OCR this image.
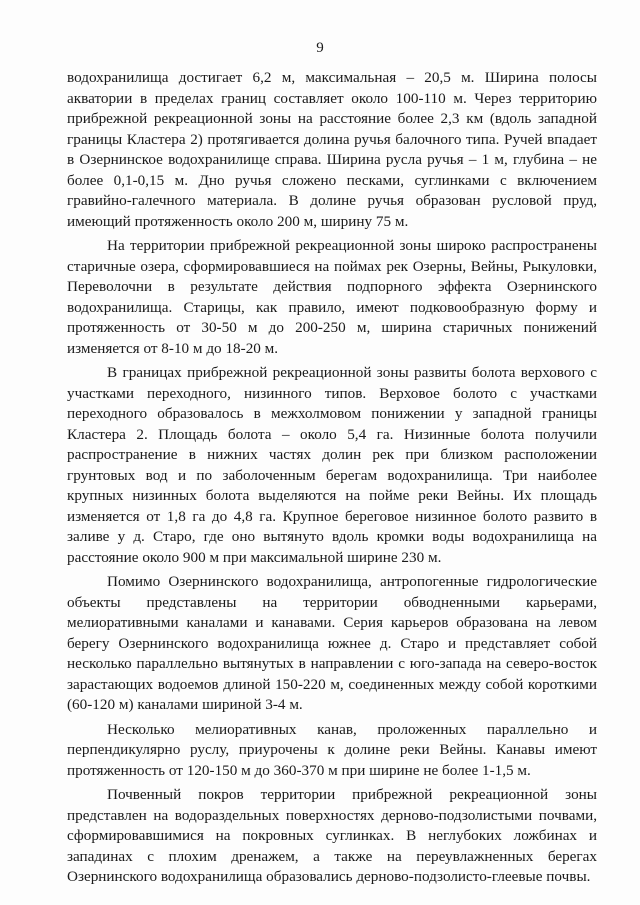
9

водохранилища достигает 6,2 м, максимальная – 20,5 м. Ширина полосы акватории в пределах границ составляет около 100-110 м. Через территорию прибрежной рекреационной зоны на расстояние более 2,3 км (вдоль западной границы Кластера 2) протягивается долина ручья балочного типа. Ручей впадает в Озернинское водохранилище справа. Ширина русла ручья – 1 м, глубина – не более 0,1-0,15 м. Дно ручья сложено песками, суглинками с включением гравийно-галечного материала. В долине ручья образован русловой пруд, имеющий протяженность около 200 м, ширину 75 м.

На территории прибрежной рекреационной зоны широко распространены старичные озера, сформировавшиеся на поймах рек Озерны, Вейны, Рыкуловки, Переволочни в результате действия подпорного эффекта Озернинского водохранилища. Старицы, как правило, имеют подковообразную форму и протяженность от 30-50 м до 200-250 м, ширина старичных понижений изменяется от 8-10 м до 18-20 м.

В границах прибрежной рекреационной зоны развиты болота верхового с участками переходного, низинного типов. Верховое болото с участками переходного образовалось в межхолмовом понижении у западной границы Кластера 2. Площадь болота – около 5,4 га. Низинные болота получили распространение в нижних частях долин рек при близком расположении грунтовых вод и по заболоченным берегам водохранилища. Три наиболее крупных низинных болота выделяются на пойме реки Вейны. Их площадь изменяется от 1,8 га до 4,8 га. Крупное береговое низинное болото развито в заливе у д. Старо, где оно вытянуто вдоль кромки воды водохранилища на расстояние около 900 м при максимальной ширине 230 м.

Помимо Озернинского водохранилища, антропогенные гидрологические объекты представлены на территории обводненными карьерами, мелиоративными каналами и канавами. Серия карьеров образована на левом берегу Озернинского водохранилища южнее д. Старо и представляет собой несколько параллельно вытянутых в направлении с юго-запада на северо-восток зарастающих водоемов длиной 150-220 м, соединенных между собой короткими (60-120 м) каналами шириной 3-4 м.

Несколько мелиоративных канав, проложенных параллельно и перпендикулярно руслу, приурочены к долине реки Вейны. Канавы имеют протяженность от 120-150 м до 360-370 м при ширине не более 1-1,5 м.

Почвенный покров территории прибрежной рекреационной зоны представлен на водораздельных поверхностях дерново-подзолистыми почвами, сформировавшимися на покровных суглинках. В неглубоких ложбинах и западинах с плохим дренажем, а также на переувлажненных берегах Озернинского водохранилища образовались дерново-подзолисто-глеевые почвы.
